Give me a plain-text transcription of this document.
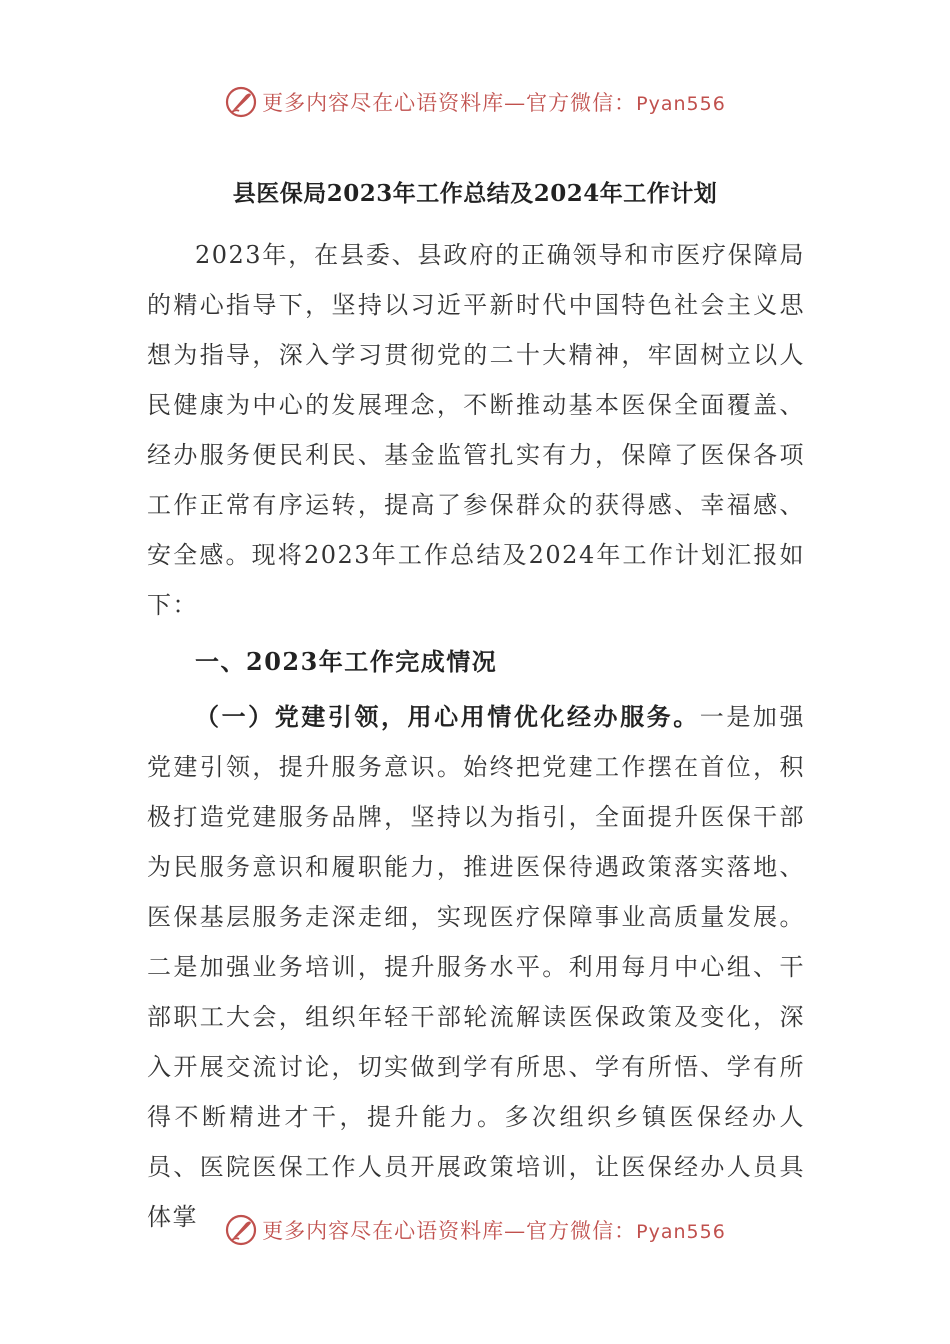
更多内容尽在心语资料库—官方微信：Pyan556
县医保局2023年工作总结及2024年工作计划

2023年，在县委、县政府的正确领导和市医疗保障局的精心指导下，坚持以习近平新时代中国特色社会主义思想为指导，深入学习贯彻党的二十大精神，牢固树立以人民健康为中心的发展理念，不断推动基本医保全面覆盖、经办服务便民利民、基金监管扎实有力，保障了医保各项工作正常有序运转，提高了参保群众的获得感、幸福感、安全感。现将2023年工作总结及2024年工作计划汇报如下：

一、2023年工作完成情况

（一）党建引领，用心用情优化经办服务。一是加强党建引领，提升服务意识。始终把党建工作摆在首位，积极打造党建服务品牌，坚持以为指引，全面提升医保干部为民服务意识和履职能力，推进医保待遇政策落实落地、医保基层服务走深走细，实现医疗保障事业高质量发展。二是加强业务培训，提升服务水平。利用每月中心组、干部职工大会，组织年轻干部轮流解读医保政策及变化，深入开展交流讨论，切实做到学有所思、学有所悟、学有所得不断精进才干，提升能力。多次组织乡镇医保经办人员、医院医保工作人员开展政策培训，让医保经办人员具体掌	更多内容尽在心语资料库—官方微信：Pyan556
